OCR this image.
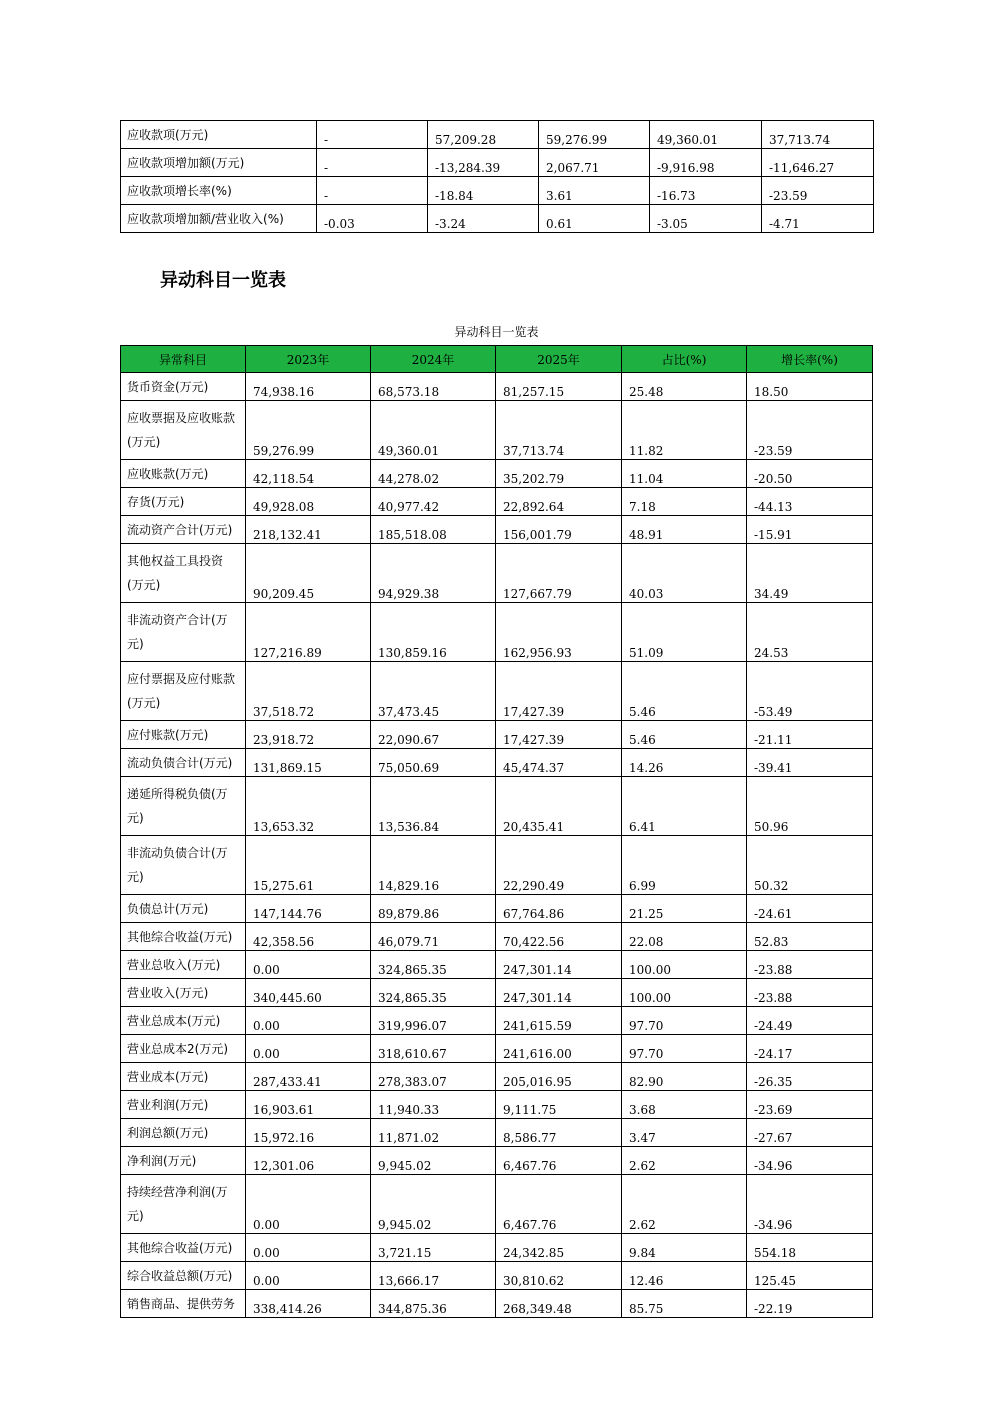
应收款项(万元)	-	57,209.28	59,276.99	49,360.01	37,713.74
应收款项增加额(万元)	-	-13,284.39	2,067.71	-9,916.98	-11,646.27
应收款项增长率(%)	-	-18.84	3.61	-16.73	-23.59
应收款项增加额/营业收入(%)	-0.03	-3.24	0.61	-3.05	-4.71
异动科目一览表
异动科目一览表
异常科目	2023年	2024年	2025年	占比(%)	增长率(%)
货币资金(万元)	74,938.16	68,573.18	81,257.15	25.48	18.50
应收票据及应收账款(万元)	59,276.99	49,360.01	37,713.74	11.82	-23.59
应收账款(万元)	42,118.54	44,278.02	35,202.79	11.04	-20.50
存货(万元)	49,928.08	40,977.42	22,892.64	7.18	-44.13
流动资产合计(万元)	218,132.41	185,518.08	156,001.79	48.91	-15.91
其他权益工具投资(万元)	90,209.45	94,929.38	127,667.79	40.03	34.49
非流动资产合计(万元)	127,216.89	130,859.16	162,956.93	51.09	24.53
应付票据及应付账款(万元)	37,518.72	37,473.45	17,427.39	5.46	-53.49
应付账款(万元)	23,918.72	22,090.67	17,427.39	5.46	-21.11
流动负债合计(万元)	131,869.15	75,050.69	45,474.37	14.26	-39.41
递延所得税负债(万元)	13,653.32	13,536.84	20,435.41	6.41	50.96
非流动负债合计(万元)	15,275.61	14,829.16	22,290.49	6.99	50.32
负债总计(万元)	147,144.76	89,879.86	67,764.86	21.25	-24.61
其他综合收益(万元)	42,358.56	46,079.71	70,422.56	22.08	52.83
营业总收入(万元)	0.00	324,865.35	247,301.14	100.00	-23.88
营业收入(万元)	340,445.60	324,865.35	247,301.14	100.00	-23.88
营业总成本(万元)	0.00	319,996.07	241,615.59	97.70	-24.49
营业总成本2(万元)	0.00	318,610.67	241,616.00	97.70	-24.17
营业成本(万元)	287,433.41	278,383.07	205,016.95	82.90	-26.35
营业利润(万元)	16,903.61	11,940.33	9,111.75	3.68	-23.69
利润总额(万元)	15,972.16	11,871.02	8,586.77	3.47	-27.67
净利润(万元)	12,301.06	9,945.02	6,467.76	2.62	-34.96
持续经营净利润(万元)	0.00	9,945.02	6,467.76	2.62	-34.96
其他综合收益(万元)	0.00	3,721.15	24,342.85	9.84	554.18
综合收益总额(万元)	0.00	13,666.17	30,810.62	12.46	125.45
销售商品、提供劳务	338,414.26	344,875.36	268,349.48	85.75	-22.19
